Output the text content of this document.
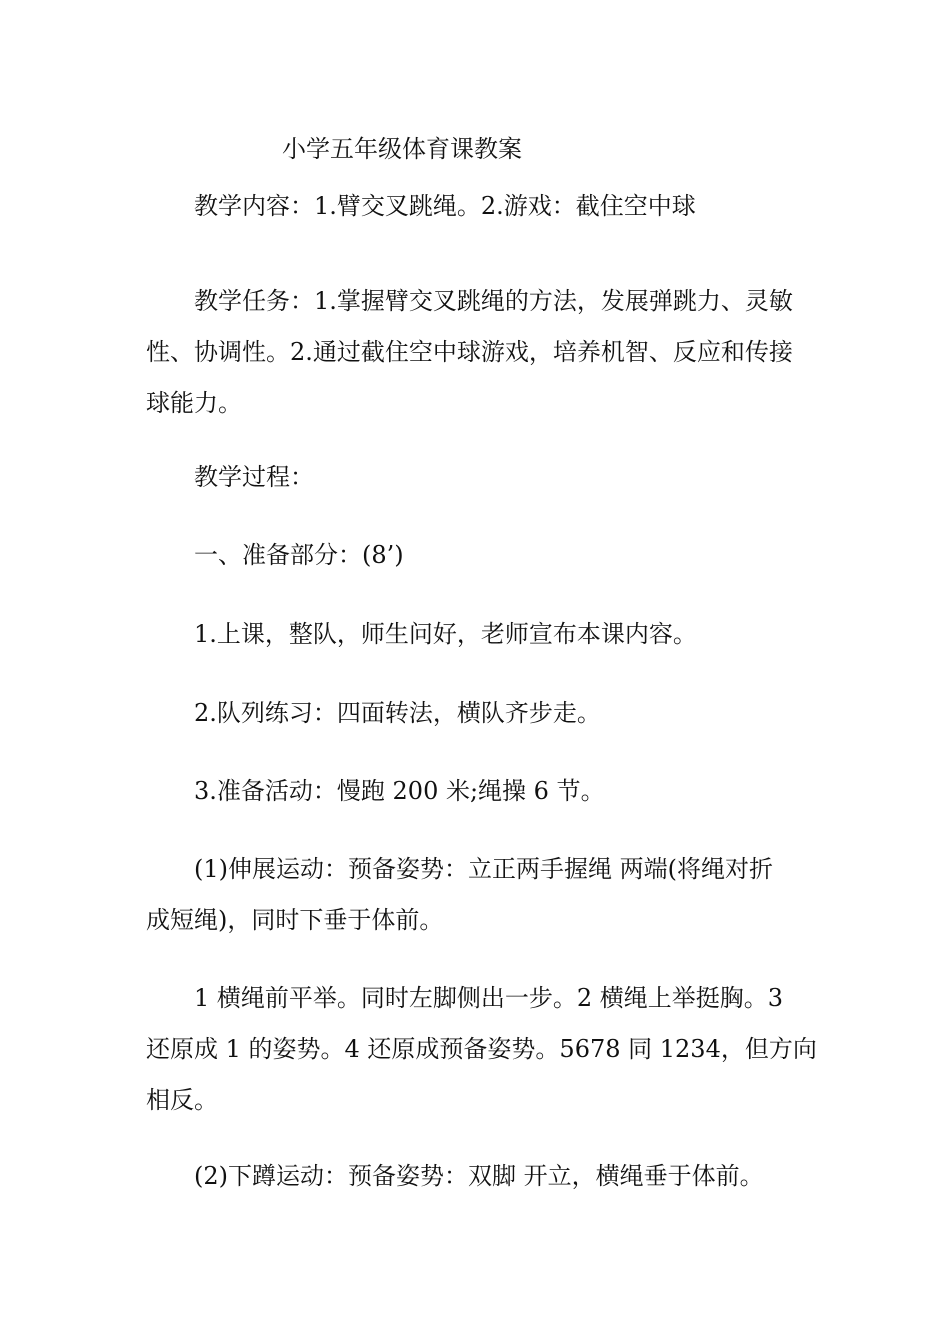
小学五年级体育课教案

教学内容：1.臂交叉跳绳。2.游戏：截住空中球

教学任务：1.掌握臂交叉跳绳的方法，发展弹跳力、灵敏
性、协调性。2.通过截住空中球游戏，培养机智、反应和传接
球能力。

教学过程：

一、准备部分：(8’)

1.上课，整队，师生问好，老师宣布本课内容。

2.队列练习：四面转法，横队齐步走。

3.准备活动：慢跑 200 米;绳操 6 节。

(1)伸展运动：预备姿势：立正两手握绳 两端(将绳对折
成短绳)，同时下垂于体前。

1 横绳前平举。同时左脚侧出一步。2 横绳上举挺胸。3
还原成 1 的姿势。4 还原成预备姿势。5678 同 1234，但方向
相反。

(2)下蹲运动：预备姿势：双脚 开立，横绳垂于体前。
